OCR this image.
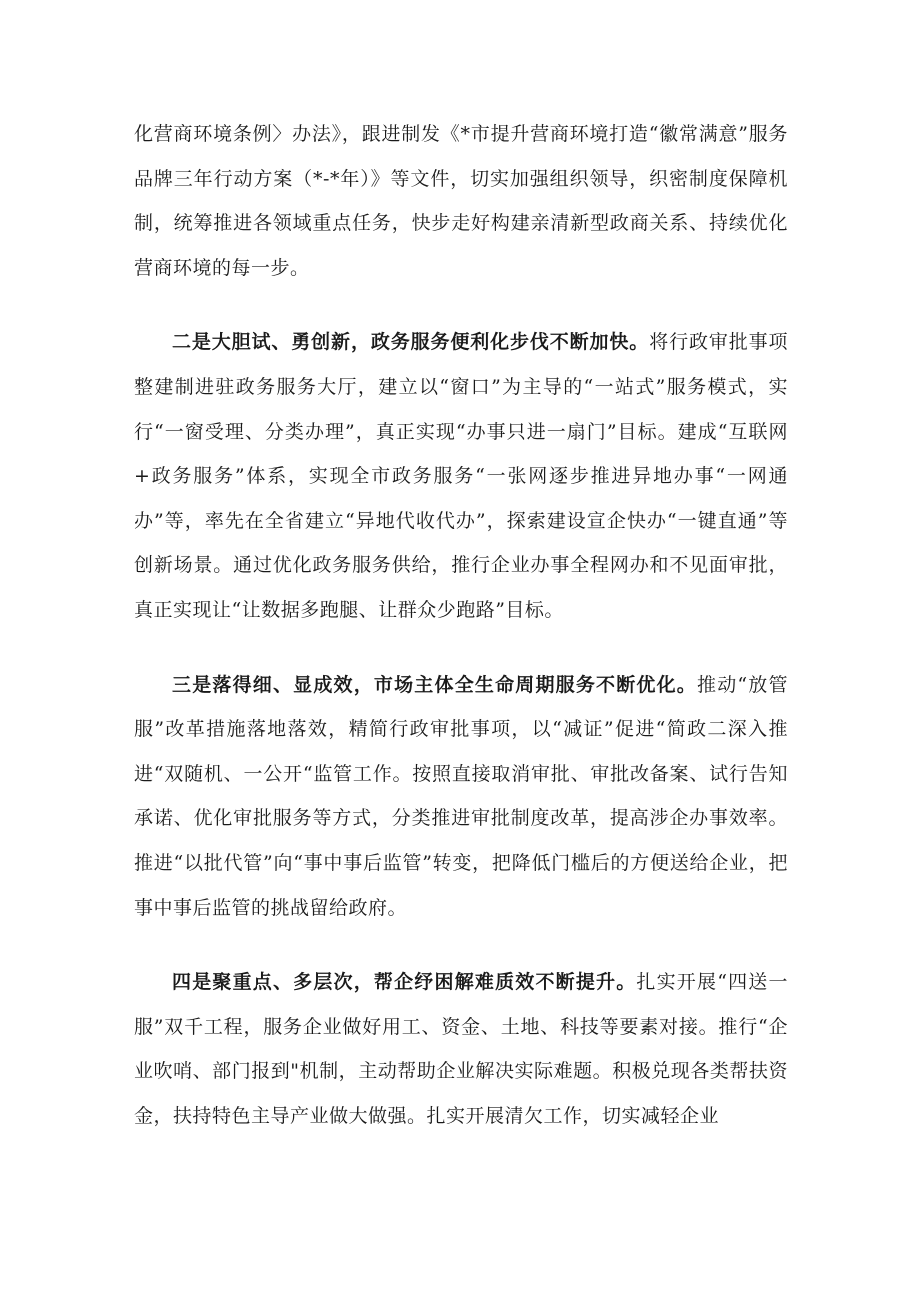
化营商环境条例〉办法》，跟进制发《*市提升营商环境打造“徽常满意”服务品牌三年行动方案（*-*年）》等文件，切实加强组织领导，织密制度保障机制，统筹推进各领域重点任务，快步走好构建亲清新型政商关系、持续优化营商环境的每一步。

二是大胆试、勇创新，政务服务便利化步伐不断加快。将行政审批事项整建制进驻政务服务大厅，建立以“窗口”为主导的“一站式”服务模式，实行“一窗受理、分类办理”，真正实现“办事只进一扇门”目标。建成“互联网+政务服务”体系，实现全市政务服务“一张网逐步推进异地办事“一网通办”等，率先在全省建立“异地代收代办”，探索建设宣企快办“一键直通”等创新场景。通过优化政务服务供给，推行企业办事全程网办和不见面审批，真正实现让“让数据多跑腿、让群众少跑路”目标。

三是落得细、显成效，市场主体全生命周期服务不断优化。推动“放管服”改革措施落地落效，精简行政审批事项，以“减证”促进“简政二深入推进“双随机、一公开“监管工作。按照直接取消审批、审批改备案、试行告知承诺、优化审批服务等方式，分类推进审批制度改革，提高涉企办事效率。推进“以批代管”向“事中事后监管”转变，把降低门槛后的方便送给企业，把事中事后监管的挑战留给政府。

四是聚重点、多层次，帮企纾困解难质效不断提升。扎实开展“四送一服”双千工程，服务企业做好用工、资金、土地、科技等要素对接。推行“企业吹哨、部门报到"机制，主动帮助企业解决实际难题。积极兑现各类帮扶资金，扶持特色主导产业做大做强。扎实开展清欠工作，切实减轻企业
